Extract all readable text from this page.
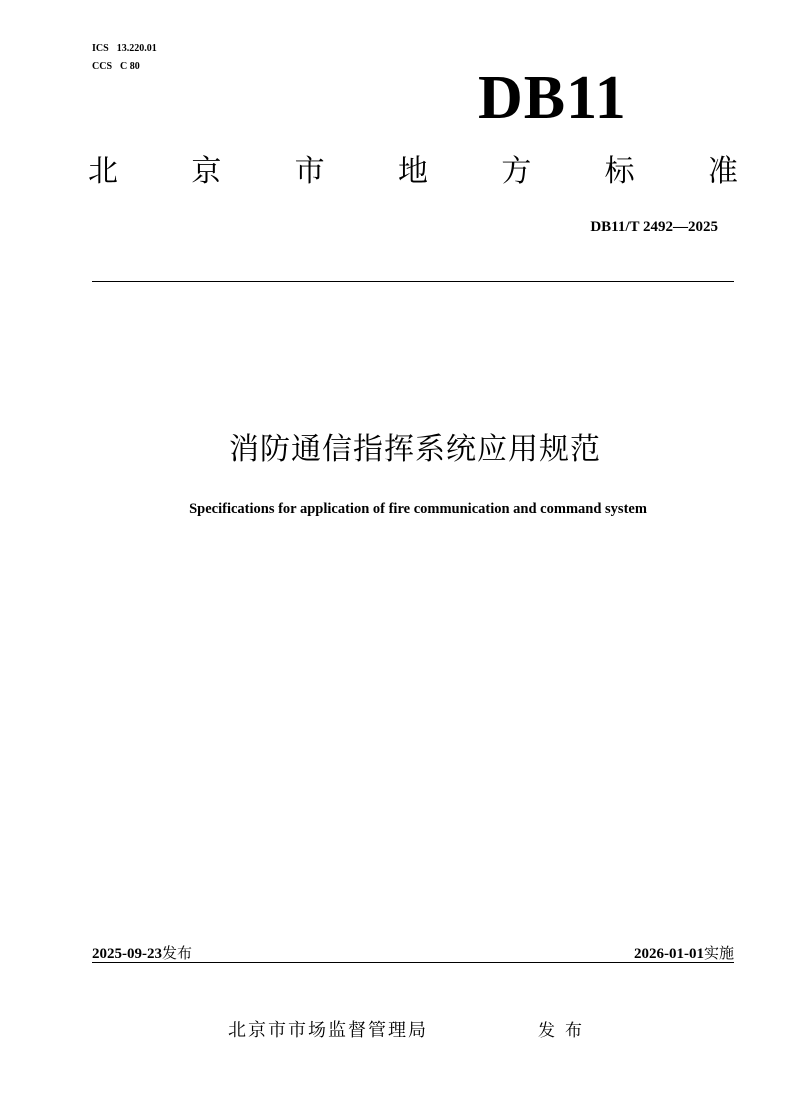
ICS 13.220.01
CCS C 80	DB11
北 京 市 地 方 标 准
DB11/T 2492—2025
消防通信指挥系统应用规范
Specifications for application of fire communication and command system
2025-09-23发布	2026-01-01实施
北京市市场监督管理局	发布
